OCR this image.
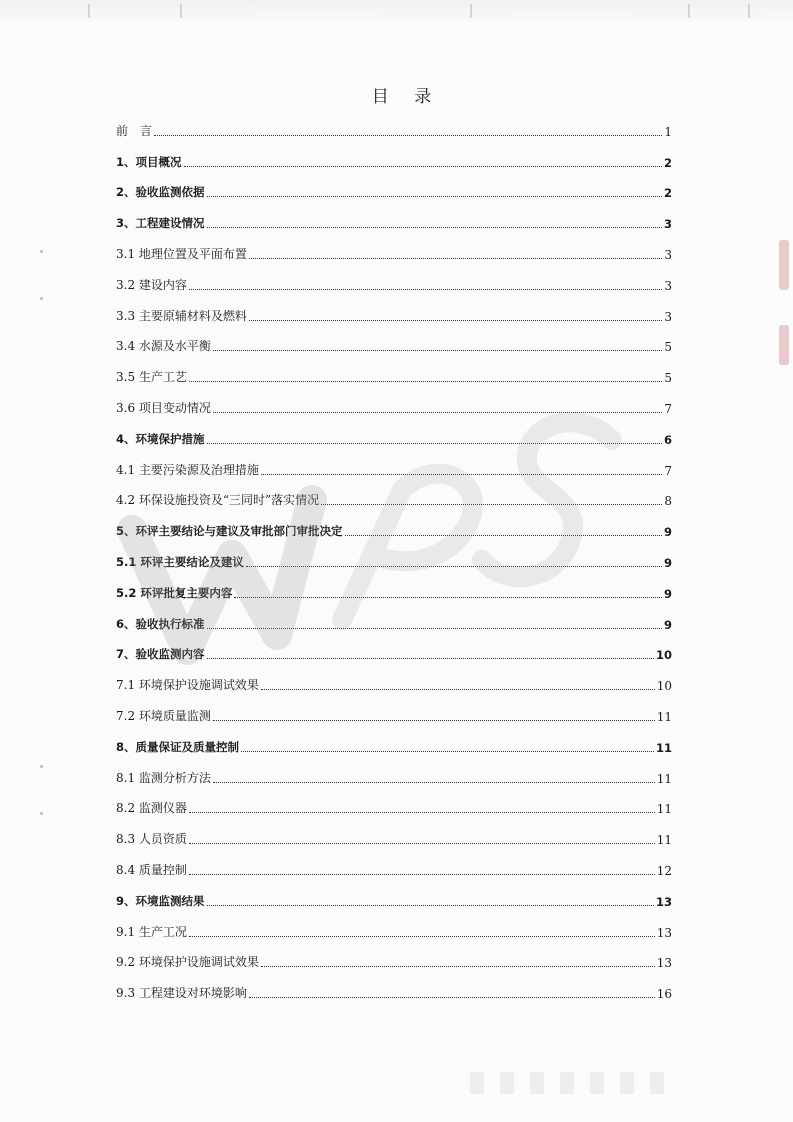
目 录
前　言	1
1、项目概况	2
2、验收监测依据	2
3、工程建设情况	3
3.1 地理位置及平面布置	3
3.2 建设内容	3
3.3 主要原辅材料及燃料	3
3.4 水源及水平衡	5
3.5 生产工艺	5
3.6 项目变动情况	7
4、环境保护措施	6
4.1 主要污染源及治理措施	7
4.2 环保设施投资及“三同时”落实情况	8
5、环评主要结论与建议及审批部门审批决定	9
5.1 环评主要结论及建议	9
5.2 环评批复主要内容	9
6、验收执行标准	9
7、验收监测内容	10
7.1 环境保护设施调试效果	10
7.2 环境质量监测	11
8、质量保证及质量控制	11
8.1 监测分析方法	11
8.2 监测仪器	11
8.3 人员资质	11
8.4 质量控制	12
9、环境监测结果	13
9.1 生产工况	13
9.2 环境保护设施调试效果	13
9.3 工程建设对环境影响	16
